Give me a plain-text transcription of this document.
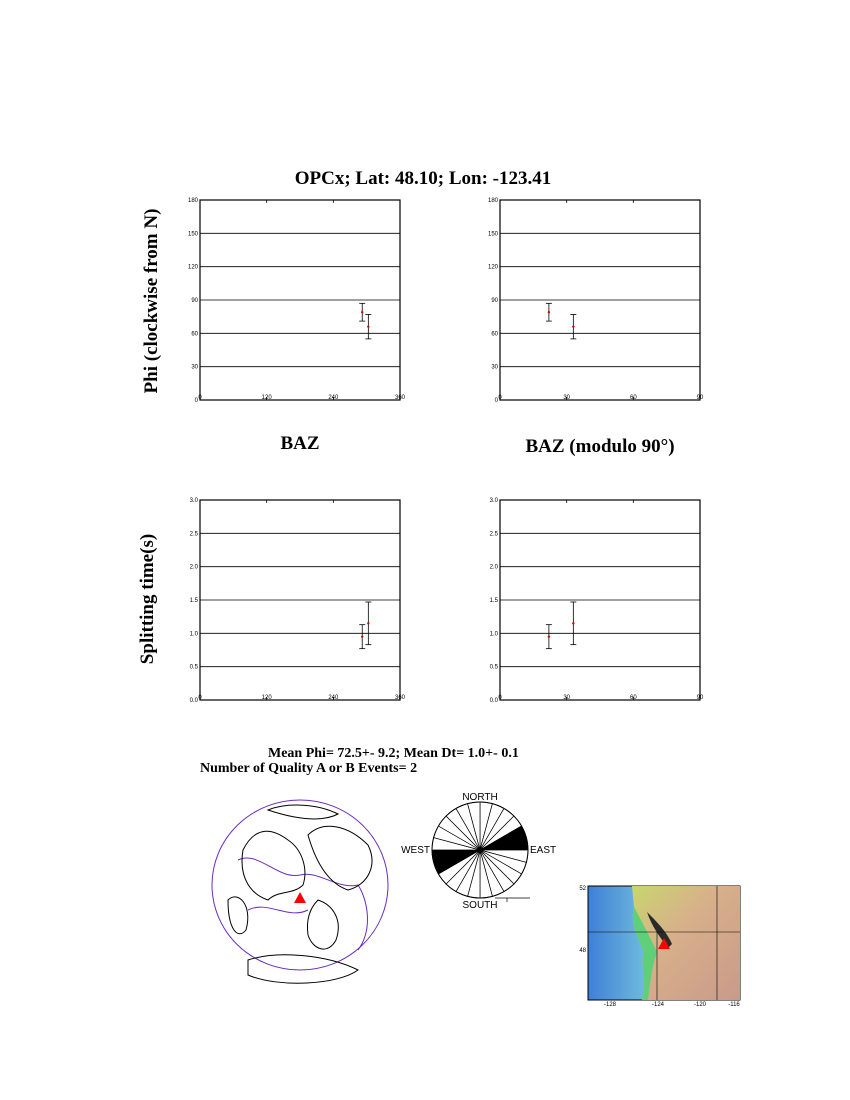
OPCx; Lat: 48.10; Lon: -123.41
Phi (clockwise from N)
Splitting time(s)
BAZ	BAZ (modulo 90°)
0
30
60
90
120
150
180
0	120	240	360	0
30
60
90
120
150
180
0	30	60	90
0.0
0.5
1.0
1.5
2.0
2.5
3.0
0	120	240	360	0.0
0.5
1.0
1.5
2.0
2.5
3.0
0	30	60	90
Mean Phi= 72.5+- 9.2; Mean Dt= 1.0+- 0.1
Number of Quality A or B Events= 2
NORTH
SOUTH
EAST
WEST
52
48
-128	-124	-120	-116
